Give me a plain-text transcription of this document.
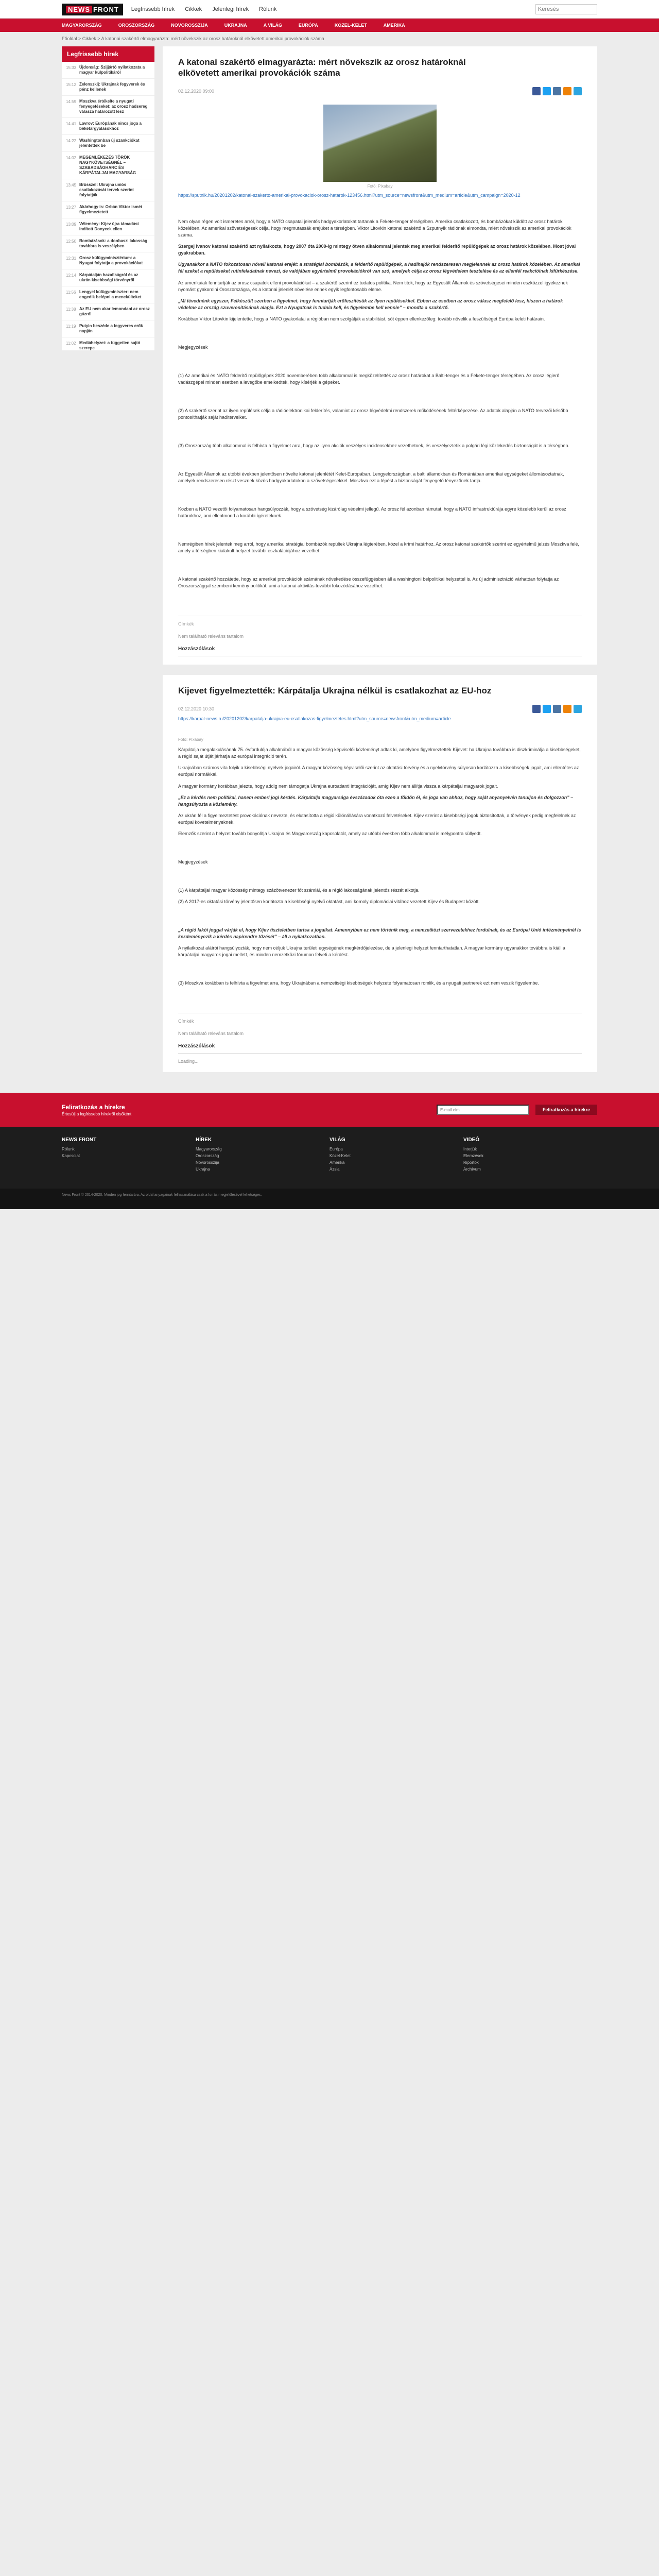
NEWS FRONT	Legfrissebb hírek Cikkek Jelenlegi hírek Rólunk
Keresés
MAGYARORSZÁG	OROSZORSZÁG	NOVOROSSZIJA	UKRAJNA	A VILÁG	EURÓPA	KÖZEL-KELET	AMERIKA
Főoldal > Cikkek > A katonai szakértő elmagyarázta: mért növekszik az orosz határoknál elkövetett amerikai provokációk száma
Legfrissebb hírek
15:33 Újdonság: Szijjártó nyilatkozata a magyar külpolitikáról
15:12 Zelenszkij: Ukrajnak fegyverek és pénz kellenek
14:59 Moszkva értékelte a nyugati fenyegetéseket: az orosz hadsereg válasza határozott lesz
14:41 Lavrov: Európának nincs joga a béketárgyalásokhoz
14:22 Washingtonban új szankciókat jelentettek be
14:02 MEGEMLÉKEZÉS TÖRÖK NAGYKÖVETSÉGNÉL – SZABADSÁGHARC ÉS KÁRPÁTALJAI MAGYARSÁG
13:45 Brüsszel: Ukrajna uniós csatlakozását tervek szerint folytatják
13:27 Akárhogy is: Orbán Viktor ismét figyelmeztetett
13:09 Vélemény: Kijev újra támadást indított Donyeck ellen
12:50 Bombázások: a donbaszi lakosság továbbra is veszélyben
12:31 Orosz külügyminisztérium: a Nyugat folytatja a provokációkat
12:14 Kárpátalján hazafiságról és az ukrán kisebbségi törvényről
11:56 Lengyel külügyminiszter: nem engedik belépni a menekülteket
11:38 Az EU nem akar lemondani az orosz gázról
11:19 Putyin beszéde a fegyveres erők napján
11:02 Mediáhelyzet: a független sajtó szerepe
A katonai szakértő elmagyarázta: mért növekszik az orosz határoknál elkövetett amerikai provokációk száma
02.12.2020 09:00
Fotó: Pixabay
https://sputnik.hu/20201202/katonai-szakerto-amerikai-provokaciok-orosz-hatarok-123456.html?utm_source=newsfront&utm_medium=article&utm_campaign=2020-12

Nem olyan régen volt ismeretes arról, hogy a NATO csapatai jelentős hadgyakorlatokat tartanak a Fekete-tenger térségében. Amerika csatlakozott, és bombázókat küldött az orosz határok közelében. Az amerikai szövetségesek célja, hogy megmutassák erejüket a térségben. Viktor Litovkin katonai szakértő a Szputnyik rádiónak elmondta, miért növekszik az amerikai provokációk száma.

Szergej Ivanov katonai szakértő azt nyilatkozta, hogy 2007 óta 2009-ig mintegy ötven alkalommal jelentek meg amerikai felderítő repülőgépek az orosz határok közelében. Most jóval gyakrabban.

Ugyanakkor a NATO fokozatosan növeli katonai erejét: a stratégiai bombázók, a felderítő repülőgépek, a hadihajók rendszeresen megjelennek az orosz határok közelében. Az amerikai fél ezeket a repüléseket rutinfeladatnak nevezi, de valójában egyértelmű provokációkról van szó, amelyek célja az orosz légvédelem tesztelése és az ellenfél reakcióinak kifürkészése.

Az amerikaiak fenntartják az orosz csapatok elleni provokációkat – a szakértő szerint ez tudatos politika. Nem titok, hogy az Egyesült Államok és szövetségesei minden eszközzel igyekeznek nyomást gyakorolni Oroszországra, és a katonai jelenlét növelése ennek egyik legfontosabb eleme.

„Mi tévednénk egyszer, Felkészült szerben a figyelmet, hogy fenntartják erőfeszítésük az ilyen repülésekkel. Ebben az esetben az orosz válasz megfelelő lesz, hiszen a határok védelme az ország szuverenitásának alapja. Ezt a Nyugatnak is tudnia kell, és figyelembe kell vennie” – mondta a szakértő.

Korábban Viktor Litovkin kijelentette, hogy a NATO gyakorlatai a régióban nem szolgálják a stabilitást, sőt éppen ellenkezőleg: tovább növelik a feszültséget Európa keleti határain.

Megjegyzések

(1) Az amerikai és NATO felderítő repülőgépek 2020 novemberében több alkalommal is megközelítették az orosz határokat a Balti-tenger és a Fekete-tenger térségében. Az orosz légierő vadászgépei minden esetben a levegőbe emelkedtek, hogy kísérjék a gépeket.

(2) A szakértő szerint az ilyen repülések célja a rádióelektronikai felderítés, valamint az orosz légvédelmi rendszerek működésének feltérképezése. Az adatok alapján a NATO tervezői később pontosíthatják saját haditerveiket.

(3) Oroszország több alkalommal is felhívta a figyelmet arra, hogy az ilyen akciók veszélyes incidensekhez vezethetnek, és veszélyeztetik a polgári légi közlekedés biztonságát is a térségben.

Az Egyesült Államok az utóbbi években jelentősen növelte katonai jelenlétét Kelet-Európában. Lengyelországban, a balti államokban és Romániában amerikai egységeket állomásoztatnak, amelyek rendszeresen részt vesznek közös hadgyakorlatokon a szövetségesekkel. Moszkva ezt a lépést a biztonságát fenyegető tényezőnek tartja.

Közben a NATO vezetői folyamatosan hangsúlyozzák, hogy a szövetség kizárólag védelmi jellegű. Az orosz fél azonban rámutat, hogy a NATO infrastruktúrája egyre közelebb kerül az orosz határokhoz, ami ellentmond a korábbi ígéreteknek.

Nemrégiben hírek jelentek meg arról, hogy amerikai stratégiai bombázók repültek Ukrajna légterében, közel a krími határhoz. Az orosz katonai szakértők szerint ez egyértelmű jelzés Moszkva felé, amely a térségben kialakult helyzet további eszkalációjához vezethet.

A katonai szakértő hozzátette, hogy az amerikai provokációk számának növekedése összefüggésben áll a washingtoni belpolitikai helyzettel is. Az új adminisztráció várhatóan folytatja az Oroszországgal szembeni kemény politikát, ami a katonai aktivitás további fokozódásához vezethet.

Címkék
Nem található releváns tartalom
Hozzászólások
Kijevet figyelmeztették: Kárpátalja Ukrajna nélkül is csatlakozhat az EU-hoz
02.12.2020 10:30
https://karpat-news.ru/20201202/karpatalja-ukrajna-eu-csatlakozas-figyelmeztetes.html?utm_source=newsfront&utm_medium=article
Fotó: Pixabay

Kárpátalja megalakulásának 75. évfordulója alkalmából a magyar közösség képviselői közleményt adtak ki, amelyben figyelmeztették Kijevet: ha Ukrajna továbbra is diszkriminálja a kisebbségeket, a régió saját útját járhatja az európai integráció terén.

Ukrajnában számos vita folyik a kisebbségi nyelvek jogairól. A magyar közösség képviselői szerint az oktatási törvény és a nyelvtörvény súlyosan korlátozza a kisebbségek jogait, ami ellentétes az európai normákkal.

A magyar kormány korábban jelezte, hogy addig nem támogatja Ukrajna euroatlanti integrációját, amíg Kijev nem állítja vissza a kárpátaljai magyarok jogait.

„Ez a kérdés nem politikai, hanem emberi jogi kérdés. Kárpátalja magyarsága évszázadok óta ezen a földön él, és joga van ahhoz, hogy saját anyanyelvén tanuljon és dolgozzon” – hangsúlyozta a közlemény.

Az ukrán fél a figyelmeztetést provokációnak nevezte, és elutasította a régió különállására vonatkozó felvetéseket. Kijev szerint a kisebbségi jogok biztosítottak, a törvények pedig megfelelnek az európai követelményeknek.

Elemzők szerint a helyzet tovább bonyolítja Ukrajna és Magyarország kapcsolatát, amely az utóbbi években több alkalommal is mélypontra süllyedt.

Megjegyzések

(1) A kárpátaljai magyar közösség mintegy százötvenezer főt számlál, és a régió lakosságának jelentős részét alkotja.

(2) A 2017-es oktatási törvény jelentősen korlátozta a kisebbségi nyelvű oktatást, ami komoly diplomáciai vitához vezetett Kijev és Budapest között.

„A régió lakói joggal várják el, hogy Kijev tiszteletben tartsa a jogaikat. Amennyiben ez nem történik meg, a nemzetközi szervezetekhez fordulnak, és az Európai Unió intézményeinél is kezdeményezik a kérdés napirendre tűzését” – áll a nyilatkozatban.

A nyilatkozat aláírói hangsúlyozták, hogy nem céljuk Ukrajna területi egységének megkérdőjelezése, de a jelenlegi helyzet fenntarthatatlan. A magyar kormány ugyanakkor továbbra is kiáll a kárpátaljai magyarok jogai mellett, és minden nemzetközi fórumon felveti a kérdést.

(3) Moszkva korábban is felhívta a figyelmet arra, hogy Ukrajnában a nemzetiségi kisebbségek helyzete folyamatosan romlik, és a nyugati partnerek ezt nem veszik figyelembe.

Címkék
Nem található releváns tartalom
Hozzászólások
Loading...
Feliratkozás a hírekre

Értesülj a legfrissebb hírekről elsőként

E-mail cím
Feliratkozás a hírekre
NEWS FRONT
Rólunk
Kapcsolat
HÍREK
Magyarország
Oroszország
Novorosszija
Ukrajna
VILÁG
Európa
Közel-Kelet
Amerika
Ázsia
VIDEÓ
Interjúk
Elemzések
Riportok
Archívum
News Front © 2014-2020. Minden jog fenntartva. Az oldal anyagainak felhasználása csak a forrás megjelölésével lehetséges.
